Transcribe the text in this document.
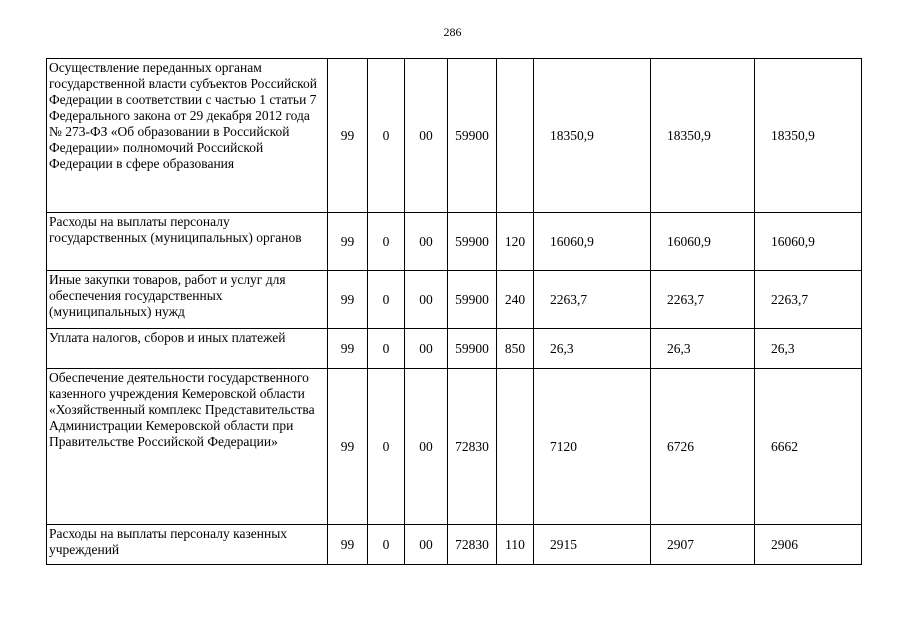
286
Осуществление переданных органам государственной власти субъектов Российской Федерации в соответствии с частью 1 статьи 7 Федерального закона от 29 декабря 2012 года № 273-ФЗ «Об образовании в Российской Федерации» полномочий Российской Федерации в сфере образования	99	0	00	59900		18350,9	18350,9	18350,9
Расходы на выплаты персоналу государственных (муниципальных) органов	99	0	00	59900	120	16060,9	16060,9	16060,9
Иные закупки товаров, работ и услуг для обеспечения государственных (муниципальных) нужд	99	0	00	59900	240	2263,7	2263,7	2263,7
Уплата налогов, сборов и иных платежей	99	0	00	59900	850	26,3	26,3	26,3
Обеспечение деятельности государственного казенного учреждения Кемеровской области «Хозяйственный комплекс Представительства Администрации Кемеровской области при Правительстве Российской Федерации»	99	0	00	72830		7120	6726	6662
Расходы на выплаты персоналу казенных учреждений	99	0	00	72830	110	2915	2907	2906
